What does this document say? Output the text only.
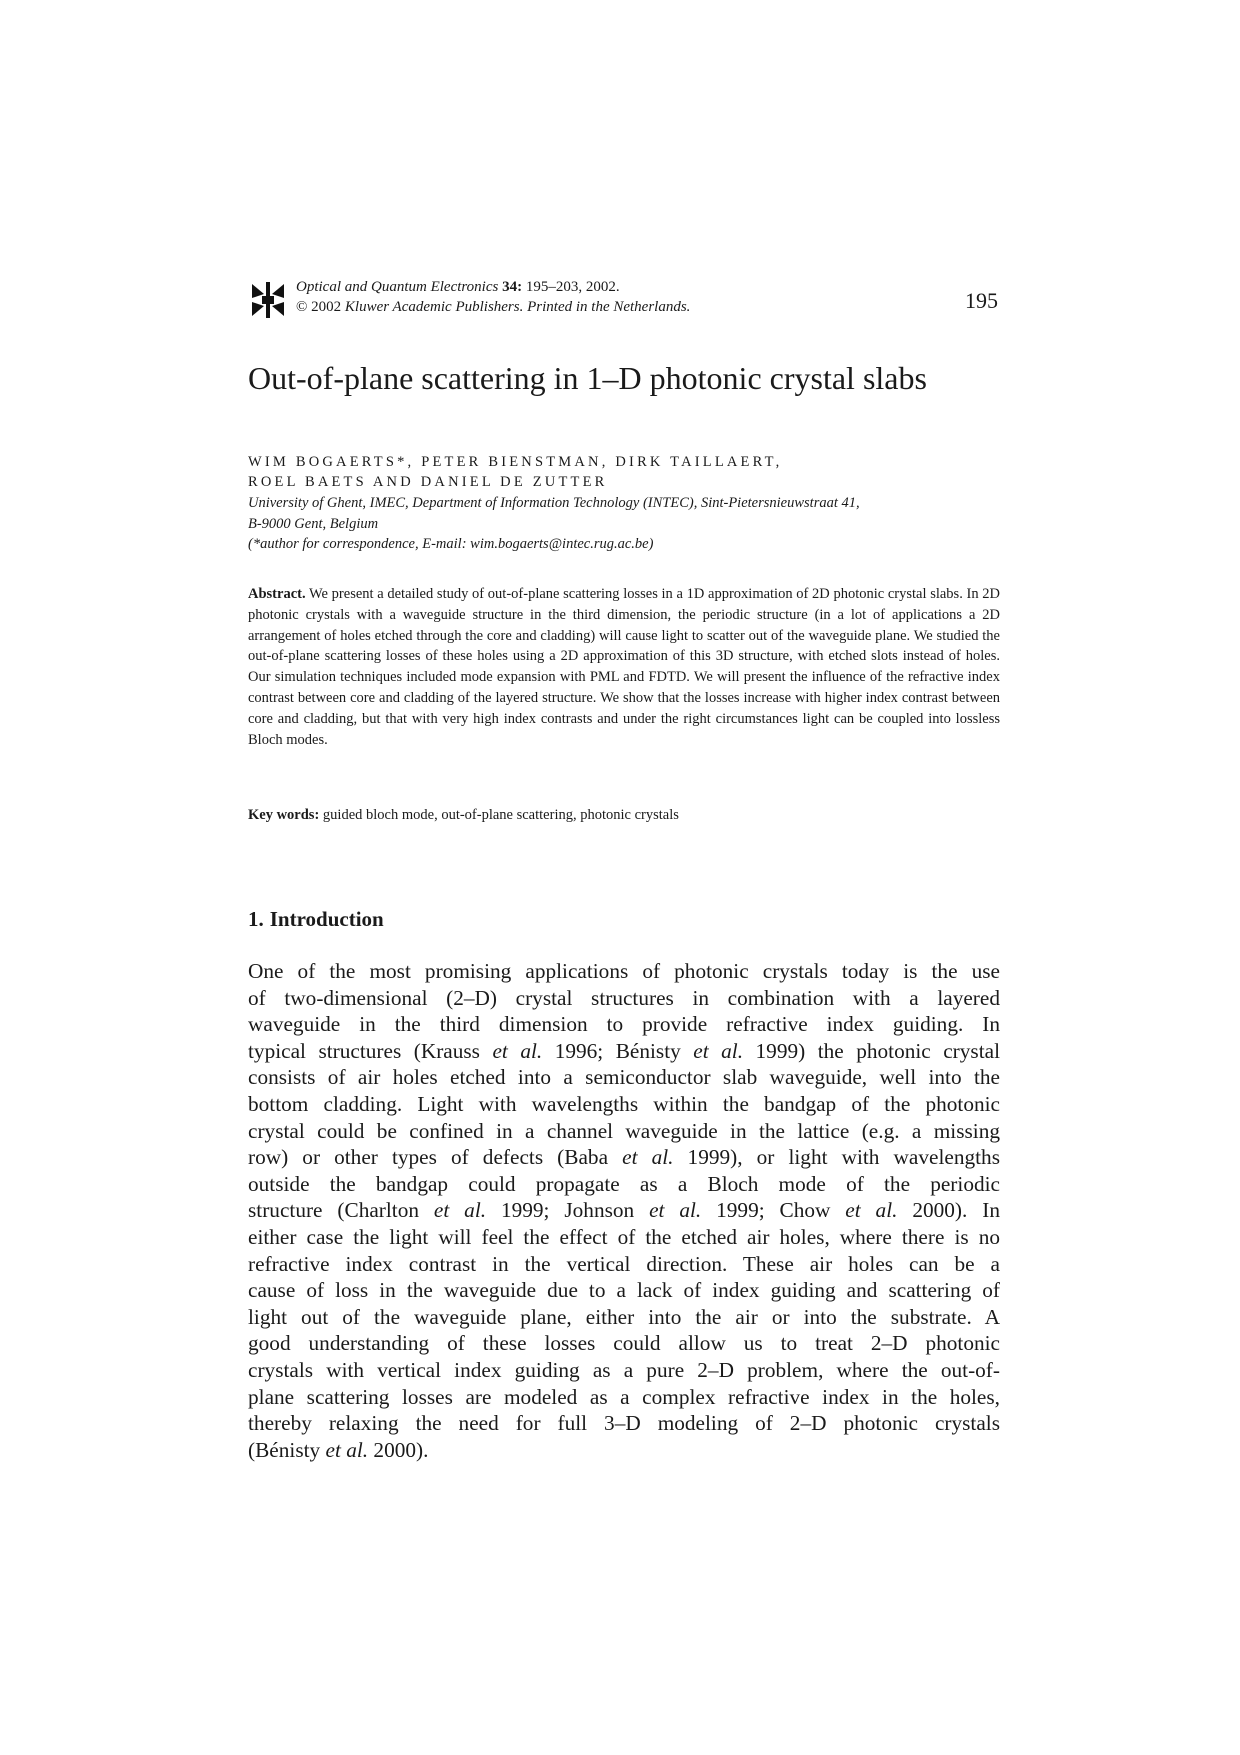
Optical and Quantum Electronics 34: 195–203, 2002.
© 2002 Kluwer Academic Publishers. Printed in the Netherlands.	195
Out-of-plane scattering in 1–D photonic crystal slabs
WIM BOGAERTS*, PETER BIENSTMAN, DIRK TAILLAERT,
ROEL BAETS AND DANIEL DE ZUTTER
University of Ghent, IMEC, Department of Information Technology (INTEC), Sint-Pietersnieuwstraat 41,
B-9000 Gent, Belgium
(*author for correspondence, E-mail: wim.bogaerts@intec.rug.ac.be)
Abstract. We present a detailed study of out-of-plane scattering losses in a 1D approximation of 2D photonic crystal slabs. In 2D photonic crystals with a waveguide structure in the third dimension, the periodic structure (in a lot of applications a 2D arrangement of holes etched through the core and cladding) will cause light to scatter out of the waveguide plane. We studied the out-of-plane scattering losses of these holes using a 2D approximation of this 3D structure, with etched slots instead of holes. Our simulation techniques included mode expansion with PML and FDTD. We will present the influence of the refractive index contrast between core and cladding of the layered structure. We show that the losses increase with higher index contrast between core and cladding, but that with very high index contrasts and under the right circumstances light can be coupled into lossless Bloch modes.
Key words: guided bloch mode, out-of-plane scattering, photonic crystals
1. Introduction
One of the most promising applications of photonic crystals today is the use
of two-dimensional (2–D) crystal structures in combination with a layered
waveguide in the third dimension to provide refractive index guiding. In
typical structures (Krauss et al. 1996; Bénisty et al. 1999) the photonic crystal
consists of air holes etched into a semiconductor slab waveguide, well into the
bottom cladding. Light with wavelengths within the bandgap of the photonic
crystal could be confined in a channel waveguide in the lattice (e.g. a missing
row) or other types of defects (Baba et al. 1999), or light with wavelengths
outside the bandgap could propagate as a Bloch mode of the periodic
structure (Charlton et al. 1999; Johnson et al. 1999; Chow et al. 2000). In
either case the light will feel the effect of the etched air holes, where there is no
refractive index contrast in the vertical direction. These air holes can be a
cause of loss in the waveguide due to a lack of index guiding and scattering of
light out of the waveguide plane, either into the air or into the substrate. A
good understanding of these losses could allow us to treat 2–D photonic
crystals with vertical index guiding as a pure 2–D problem, where the out-of-
plane scattering losses are modeled as a complex refractive index in the holes,
thereby relaxing the need for full 3–D modeling of 2–D photonic crystals
(Bénisty et al. 2000).
